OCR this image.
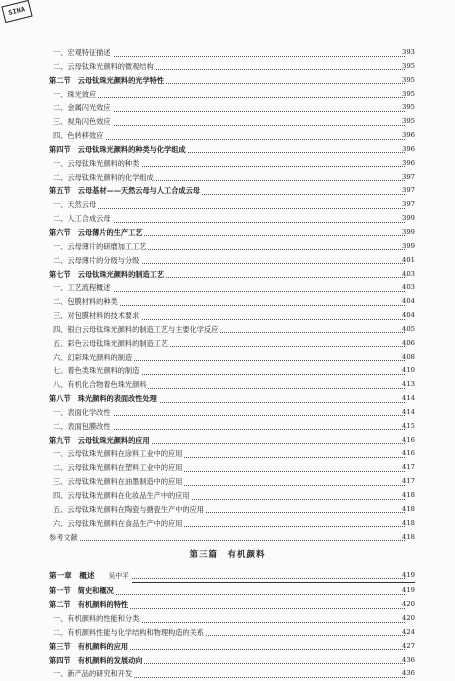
SINA
一、宏观特征描述	393
二、云母钛珠光颜料的微观结构	395
第二节　云母钛珠光颜料的光学特性	395
一、珠光效应	395
二、金属闪光效应	395
三、视角闪色效应	395
四、色转移效应	396
第四节　云母钛珠光颜料的种类与化学组成	396
一、云母钛珠光颜料的种类	396
二、云母钛珠光颜料的化学组成	397
第五节　云母基材——天然云母与人工合成云母	397
一、天然云母	397
二、人工合成云母	399
第六节　云母薄片的生产工艺	399
一、云母薄片的研磨加工工艺	399
二、云母薄片的分级与分级	401
第七节　云母钛珠光颜料的制造工艺	403
一、工艺流程概述	403
二、包膜材料的种类	404
三、对包膜材料的技术要求	404
四、银白云母钛珠光颜料的制造工艺与主要化学反应	405
五、彩色云母钛珠光颜料的制造工艺	406
六、幻彩珠光颜料的制造	408
七、着色类珠光颜料的制造	410
八、有机化合物着色珠光颜料	413
第八节　珠光颜料的表面改性处理	414
一、表面化学改性	414
二、表面包膜改性	415
第九节　云母钛珠光颜料的应用	416
一、云母钛珠光颜料在涂料工业中的应用	416
二、云母钛珠光颜料在塑料工业中的应用	417
三、云母钛珠光颜料在油墨制造中的应用	417
四、云母钛珠光颜料在化妆品生产中的应用	418
五、云母钛珠光颜料在陶瓷与搪瓷生产中的应用	418
六、云母钛珠光颜料在食品生产中的应用	418
参考文献	418
第三篇　有机颜料
第一章　概述 吴中平	419
第一节　简史和概况	419
第二节　有机颜料的特性	420
一、有机颜料的性能和分类	420
二、有机颜料性能与化学结构和物理构造的关系	424
第三节　有机颜料的应用	427
第四节　有机颜料的发展动向	436
一、新产品的研究和开发	436
